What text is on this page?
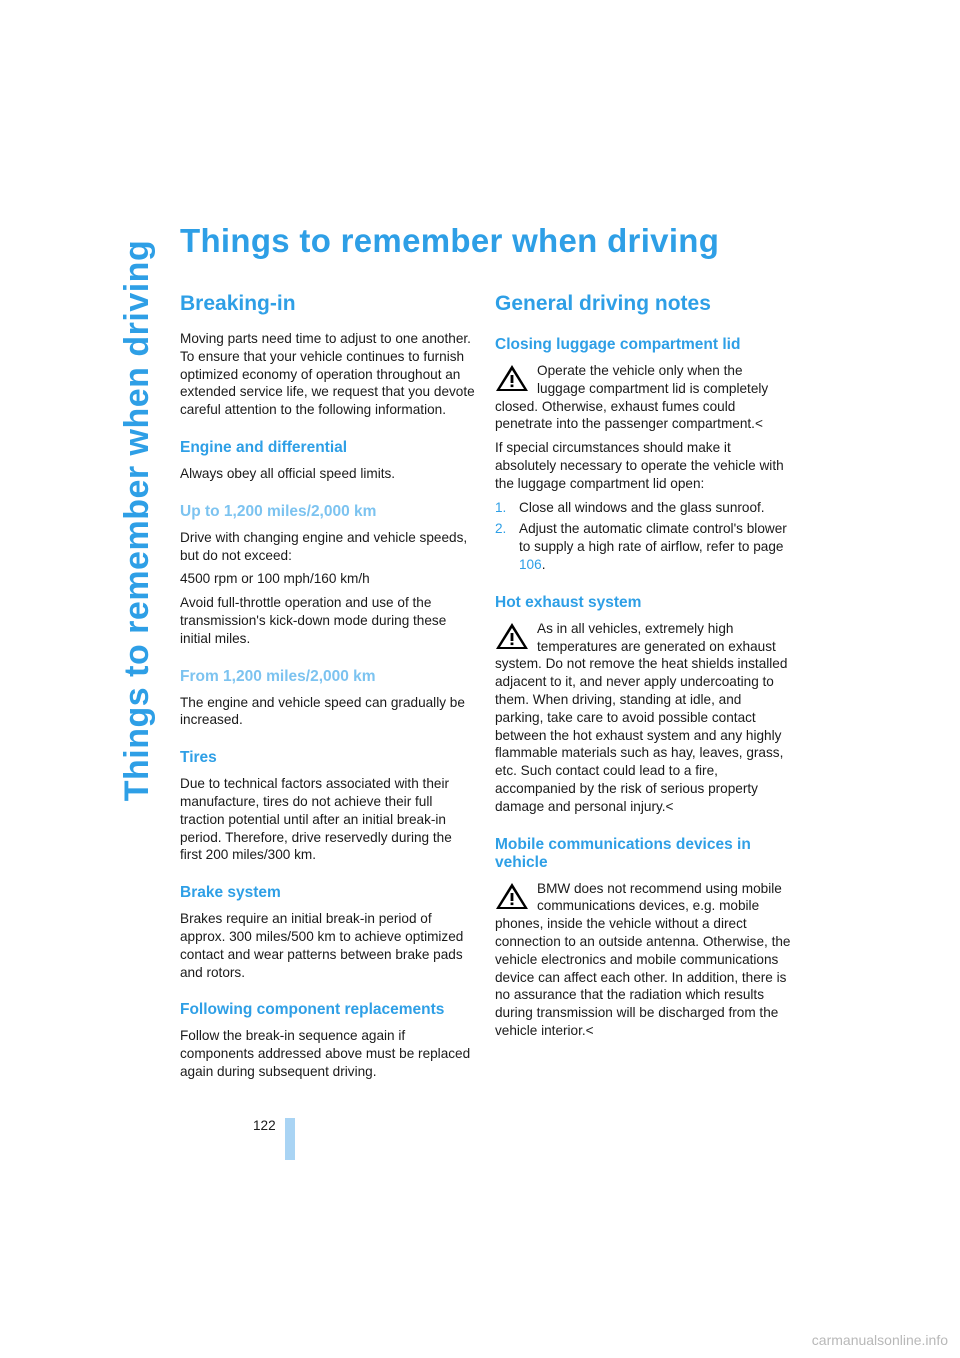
Things to remember when driving Things to remember when driving
Breaking-in

Moving parts need time to adjust to one another. To ensure that your vehicle continues to furnish optimized economy of operation throughout an extended service life, we request that you devote careful attention to the following information.

Engine and differential

Always obey all official speed limits.

Up to 1,200 miles/2,000 km

Drive with changing engine and vehicle speeds, but do not exceed:

4500 rpm or 100 mph/160 km/h

Avoid full-throttle operation and use of the transmission's kick-down mode during these initial miles.

From 1,200 miles/2,000 km

The engine and vehicle speed can gradually be increased.

Tires

Due to technical factors associated with their manufacture, tires do not achieve their full traction potential until after an initial break-in period. Therefore, drive reservedly during the first 200 miles/300 km.

Brake system

Brakes require an initial break-in period of approx. 300 miles/500 km to achieve optimized contact and wear patterns between brake pads and rotors.

Following component replacements

Follow the break-in sequence again if components addressed above must be replaced again during subsequent driving.

General driving notes
Closing luggage compartment lid

Operate the vehicle only when the luggage compartment lid is completely closed. Otherwise, exhaust fumes could penetrate into the passenger compartment.<

If special circumstances should make it absolutely necessary to operate the vehicle with the luggage compartment lid open:

1. Close all windows and the glass sunroof.
2. Adjust the automatic climate control's blower to supply a high rate of airflow, refer to page 106.
Hot exhaust system

As in all vehicles, extremely high temperatures are generated on exhaust system. Do not remove the heat shields installed adjacent to it, and never apply undercoating to them. When driving, standing at idle, and parking, take care to avoid possible contact between the hot exhaust system and any highly flammable materials such as hay, leaves, grass, etc. Such contact could lead to a fire, accompanied by the risk of serious property damage and personal injury.<

Mobile communications devices in vehicle

BMW does not recommend using mobile communications devices, e.g. mobile phones, inside the vehicle without a direct connection to an outside antenna. Otherwise, the vehicle electronics and mobile communications device can affect each other. In addition, there is no assurance that the radiation which results during transmission will be discharged from the vehicle interior.<

122
carmanualsonline.info
